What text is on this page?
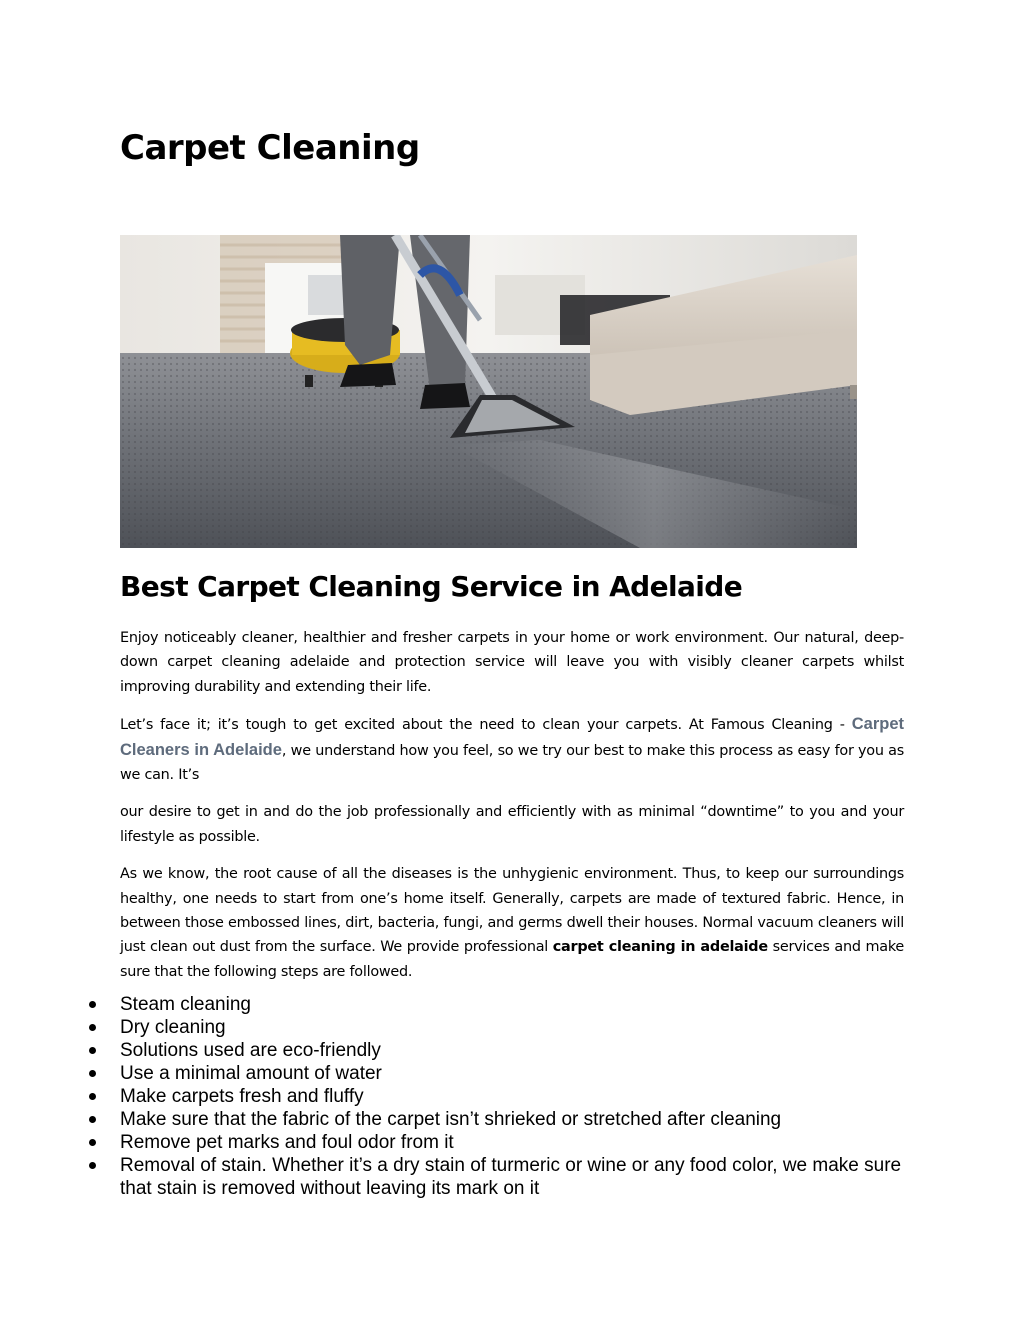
Carpet Cleaning
Best Carpet Cleaning Service in Adelaide

Enjoy noticeably cleaner, healthier and fresher carpets in your home or work environment. Our natural, deep-down carpet cleaning adelaide and protection service will leave you with visibly cleaner carpets whilst improving durability and extending their life.

Let’s face it; it’s tough to get excited about the need to clean your carpets. At Famous Cleaning - Carpet Cleaners in Adelaide, we understand how you feel, so we try our best to make this process as easy for you as we can. It’s

our desire to get in and do the job professionally and efficiently with as minimal “downtime” to you and your lifestyle as possible.

As we know, the root cause of all the diseases is the unhygienic environment. Thus, to keep our surroundings healthy, one needs to start from one’s home itself. Generally, carpets are made of textured fabric. Hence, in between those embossed lines, dirt, bacteria, fungi, and germs dwell their houses. Normal vacuum cleaners will just clean out dust from the surface. We provide professional carpet cleaning in adelaide services and make sure that the following steps are followed.

Steam cleaning
Dry cleaning
Solutions used are eco-friendly
Use a minimal amount of water
Make carpets fresh and fluffy
Make sure that the fabric of the carpet isn’t shrieked or stretched after cleaning
Remove pet marks and foul odor from it
Removal of stain. Whether it’s a dry stain of turmeric or wine or any food color, we make sure that stain is removed without leaving its mark on it
